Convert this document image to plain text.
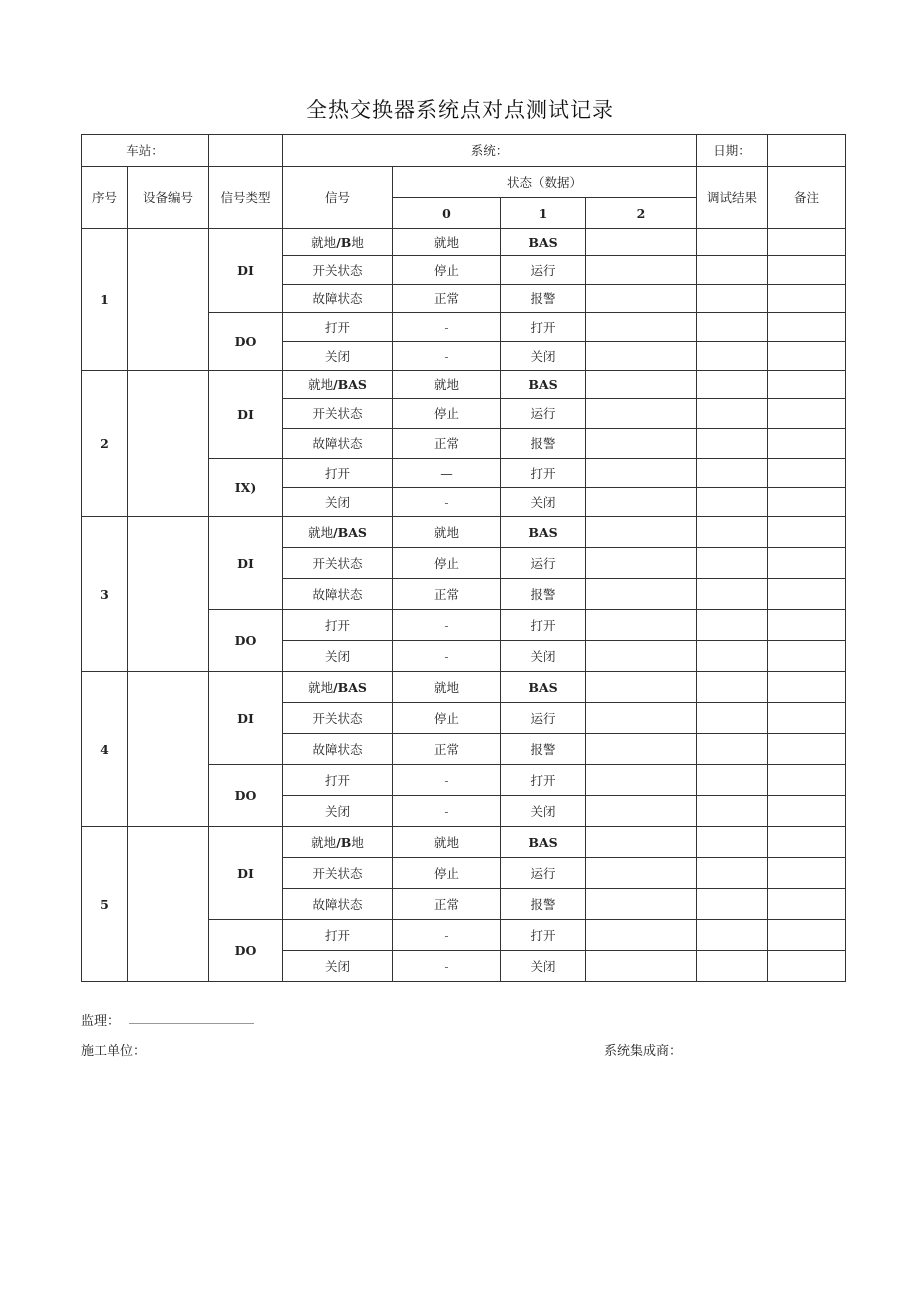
全热交换器系统点对点测试记录
车站：			系统：				日期：	
序号	设备编号	信号类型	信号	状态（数据）			调试结果	备注
				0	1	2		
1		DI	就地/B地	就地	BAS			
			开关状态	停止	运行			
			故障状态	正常	报警			
		DO	打开	-	打开			
			关闭	-	关闭			
2		DI	就地/BAS	就地	BAS			
			开关状态	停止	运行			
			故障状态	正常	报警			
		IX)	打开	—	打开			
			关闭	-	关闭			
3		DI	就地/BAS	就地	BAS			
			开关状态	停止	运行			
			故障状态	正常	报警			
		DO	打开	-	打开			
			关闭	-	关闭			
4		DI	就地/BAS	就地	BAS			
			开关状态	停止	运行			
			故障状态	正常	报警			
		DO	打开	-	打开			
			关闭	-	关闭			
5		DI	就地/B地	就地	BAS			
			开关状态	停止	运行			
			故障状态	正常	报警			
		DO	打开	-	打开			
			关闭	-	关闭			
监理：
施工单位：	系统集成商：
